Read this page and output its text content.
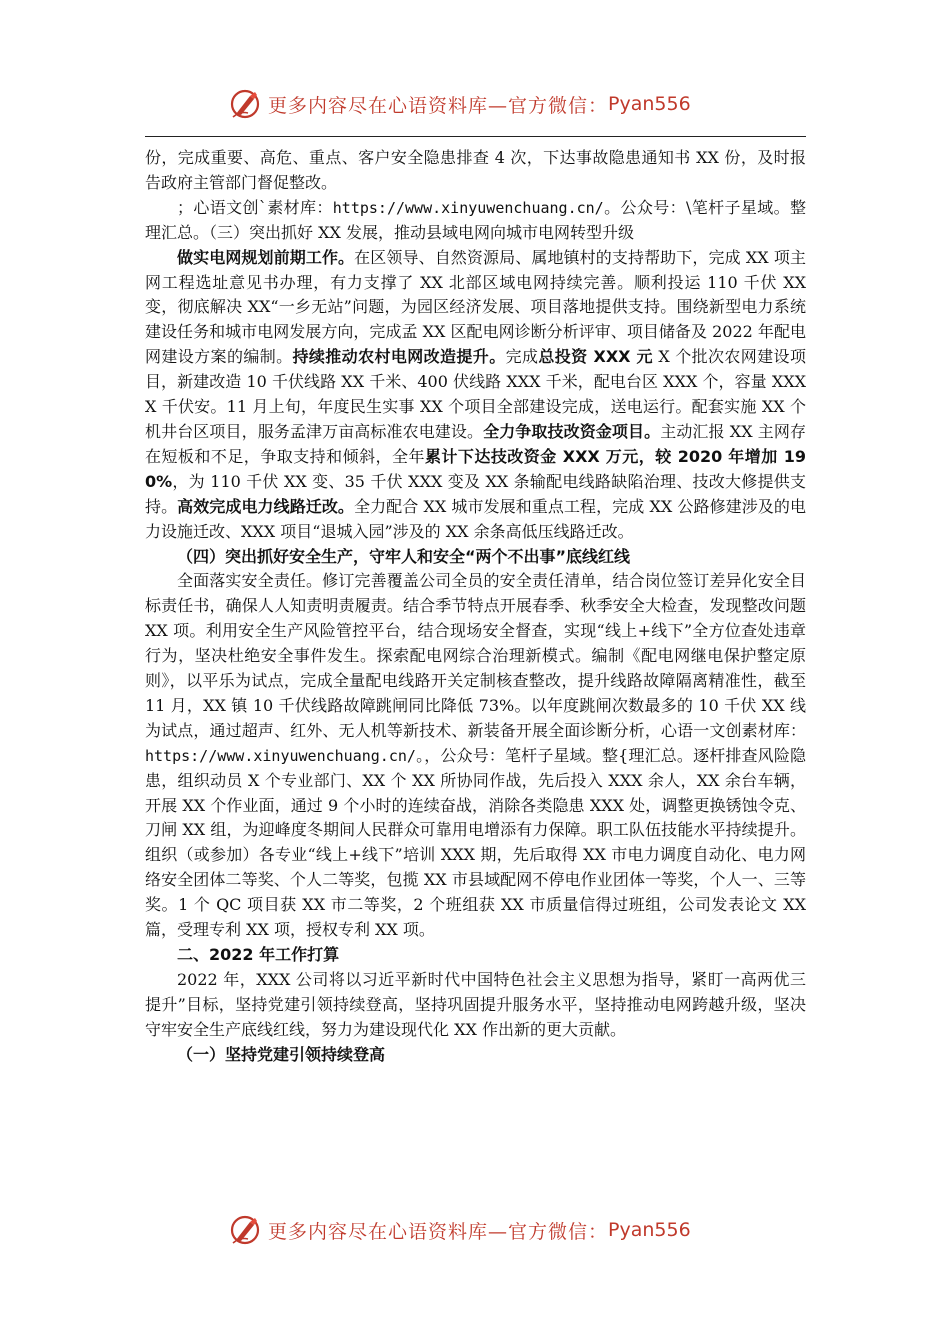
更多内容尽在心语资料库—官方微信： Pyan556

份，完成重要、高危、重点、客户安全隐患排查 4 次，下达事故隐患通知书 XX 份，及时报告政府主管部门督促整改。

；心语文创`素材库：https://www.xinyuwenchuang.cn/。公众号：\笔杆子星域。整理汇总。（三）突出抓好 XX 发展，推动县域电网向城市电网转型升级

做实电网规划前期工作。在区领导、自然资源局、属地镇村的支持帮助下，完成 XX 项主网工程选址意见书办理，有力支撑了 XX 北部区域电网持续完善。顺利投运 110 千伏 XX 变，彻底解决 XX“一乡无站”问题，为园区经济发展、项目落地提供支持。围绕新型电力系统建设任务和城市电网发展方向，完成孟 XX 区配电网诊断分析评审、项目储备及 2022 年配电网建设方案的编制。持续推动农村电网改造提升。完成总投资 XXX 元 X 个批次农网建设项目，新建改造 10 千伏线路 XX 千米、400 伏线路 XXX 千米，配电台区 XXX 个，容量 XXXX 千伏安。11 月上旬，年度民生实事 XX 个项目全部建设完成，送电运行。配套实施 XX 个机井台区项目，服务孟津万亩高标准农电建设。全力争取技改资金项目。主动汇报 XX 主网存在短板和不足，争取支持和倾斜，全年累计下达技改资金 XXX 万元，较 2020 年增加 190%，为 110 千伏 XX 变、35 千伏 XXX 变及 XX 条输配电线路缺陷治理、技改大修提供支持。高效完成电力线路迁改。全力配合 XX 城市发展和重点工程，完成 XX 公路修建涉及的电力设施迁改、XXX 项目“退城入园”涉及的 XX 余条高低压线路迁改。

（四）突出抓好安全生产，守牢人和安全“两个不出事”底线红线

全面落实安全责任。修订完善覆盖公司全员的安全责任清单，结合岗位签订差异化安全目标责任书，确保人人知责明责履责。结合季节特点开展春季、秋季安全大检查，发现整改问题 XX 项。利用安全生产风险管控平台，结合现场安全督查，实现“线上+线下”全方位查处违章行为，坚决杜绝安全事件发生。探索配电网综合治理新模式。编制《配电网继电保护整定原则》，以平乐为试点，完成全量配电线路开关定制核查整改，提升线路故障隔离精准性，截至 11 月，XX 镇 10 千伏线路故障跳闸同比降低 73%。以年度跳闸次数最多的 10 千伏 XX 线为试点，通过超声、红外、无人机等新技术、新装备开展全面诊断分析，心语一文创素材库：https://www.xinyuwenchuang.cn/。，公众号：笔杆子星域。整{理汇总。逐杆排查风险隐患，组织动员 X 个专业部门、XX 个 XX 所协同作战，先后投入 XXX 余人，XX 余台车辆，开展 XX 个作业面，通过 9 个小时的连续奋战，消除各类隐患 XXX 处，调整更换锈蚀令克、刀闸 XX 组，为迎峰度冬期间人民群众可靠用电增添有力保障。职工队伍技能水平持续提升。组织（或参加）各专业“线上+线下”培训 XXX 期，先后取得 XX 市电力调度自动化、电力网络安全团体二等奖、个人二等奖，包揽 XX 市县域配网不停电作业团体一等奖，个人一、三等奖。1 个 QC 项目获 XX 市二等奖，2 个班组获 XX 市质量信得过班组，公司发表论文 XX 篇，受理专利 XX 项，授权专利 XX 项。

二、2022 年工作打算

2022 年，XXX 公司将以习近平新时代中国特色社会主义思想为指导，紧盯一高两优三提升”目标，坚持党建引领持续登高，坚持巩固提升服务水平，坚持推动电网跨越升级，坚决守牢安全生产底线红线，努力为建设现代化 XX 作出新的更大贡献。

（一）坚持党建引领持续登高

更多内容尽在心语资料库—官方微信： Pyan556
